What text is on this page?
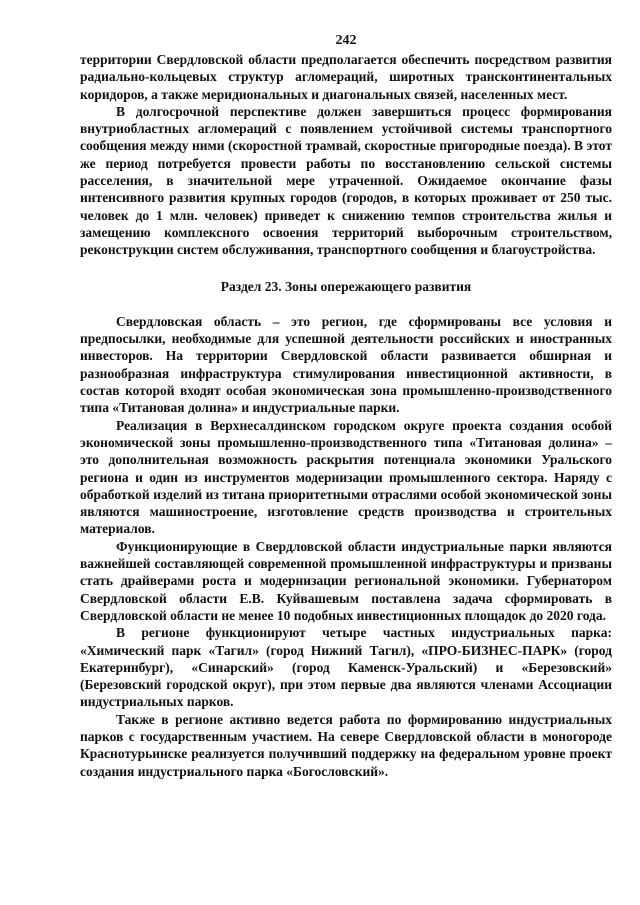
242

территории Свердловской области предполагается обеспечить посредством развития радиально-кольцевых структур агломераций, широтных трансконтинентальных коридоров, а также меридиональных и диагональных связей, населенных мест.

В долгосрочной перспективе должен завершиться процесс формирования внутриобластных агломераций с появлением устойчивой системы транспортного сообщения между ними (скоростной трамвай, скоростные пригородные поезда). В этот же период потребуется провести работы по восстановлению сельской системы расселения, в значительной мере утраченной. Ожидаемое окончание фазы интенсивного развития крупных городов (городов, в которых проживает от 250 тыс. человек до 1 млн. человек) приведет к снижению темпов строительства жилья и замещению комплексного освоения территорий выборочным строительством, реконструкции систем обслуживания, транспортного сообщения и благоустройства.

Раздел 23. Зоны опережающего развития

Свердловская область – это регион, где сформированы все условия и предпосылки, необходимые для успешной деятельности российских и иностранных инвесторов. На территории Свердловской области развивается обширная и разнообразная инфраструктура стимулирования инвестиционной активности, в состав которой входят особая экономическая зона промышленно-производственного типа «Титановая долина» и индустриальные парки.

Реализация в Верхнесалдинском городском округе проекта создания особой экономической зоны промышленно-производственного типа «Титановая долина» – это дополнительная возможность раскрытия потенциала экономики Уральского региона и один из инструментов модернизации промышленного сектора. Наряду с обработкой изделий из титана приоритетными отраслями особой экономической зоны являются машиностроение, изготовление средств производства и строительных материалов.

Функционирующие в Свердловской области индустриальные парки являются важнейшей составляющей современной промышленной инфраструктуры и призваны стать драйверами роста и модернизации региональной экономики. Губернатором Свердловской области Е.В. Куйвашевым поставлена задача сформировать в Свердловской области не менее 10 подобных инвестиционных площадок до 2020 года.

В регионе функционируют четыре частных индустриальных парка: «Химический парк «Тагил» (город Нижний Тагил), «ПРО-БИЗНЕС-ПАРК» (город Екатеринбург), «Синарский» (город Каменск-Уральский) и «Березовский» (Березовский городской округ), при этом первые два являются членами Ассоциации индустриальных парков.

Также в регионе активно ведется работа по формированию индустриальных парков с государственным участием. На севере Свердловской области в моногороде Краснотурьинске реализуется получивший поддержку на федеральном уровне проект создания индустриального парка «Богословский».
